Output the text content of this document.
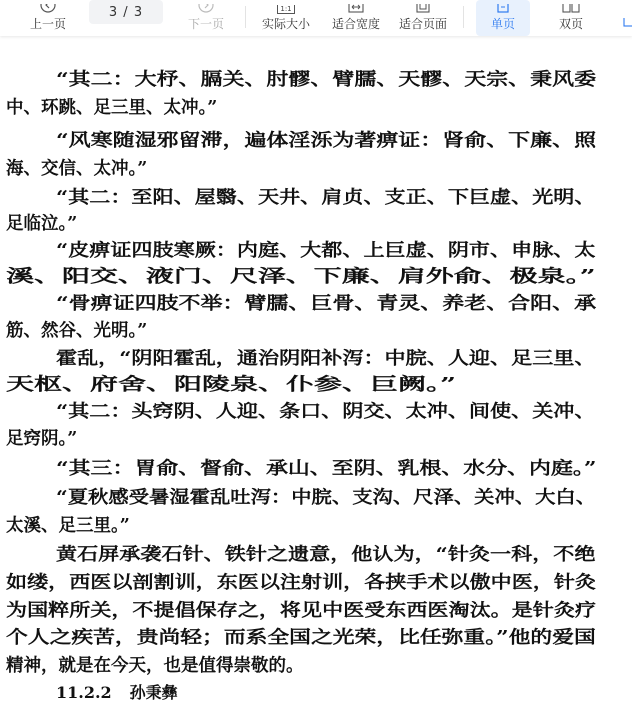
上一页
3 / 3
下一页
1:1
实际大小 适合宽度 适合页面	单页	双页
“其二：大杼、膈关、肘髎、臂臑、天髎、天宗、秉风委
中、环跳、足三里、太冲。”
“风寒随湿邪留滞，遍体淫泺为著痹证：肾俞、下廉、照
海、交信、太冲。”
“其二：至阳、屋翳、天井、肩贞、支正、下巨虚、光明、
足临泣。”
“皮痹证四肢寒厥：内庭、大都、上巨虚、阴市、申脉、太
溪、阳交、液门、尺泽、下廉、肩外俞、极泉。”
“骨痹证四肢不举：臂臑、巨骨、青灵、养老、合阳、承
筋、然谷、光明。”
霍乱，“阴阳霍乱，通治阴阳补泻：中脘、人迎、足三里、
天枢、府舍、阳陵泉、仆参、巨阙。”
“其二：头窍阴、人迎、条口、阴交、太冲、间使、关冲、
足窍阴。”
“其三：胃俞、督俞、承山、至阴、乳根、水分、内庭。”
“夏秋感受暑湿霍乱吐泻：中脘、支沟、尺泽、关冲、大白、
太溪、足三里。”
黄石屏承袭石针、铁针之遗意，他认为，“针灸一科，不绝
如缕，西医以剖割训，东医以注射训，各挟手术以傲中医，针灸
为国粹所关，不提倡保存之，将见中医受东西医淘汰。是针灸疗
个人之疾苦，贵尚轻；而系全国之光荣，比任弥重。”他的爱国
精神，就是在今天，也是值得崇敬的。
11.2.2 孙秉彝
